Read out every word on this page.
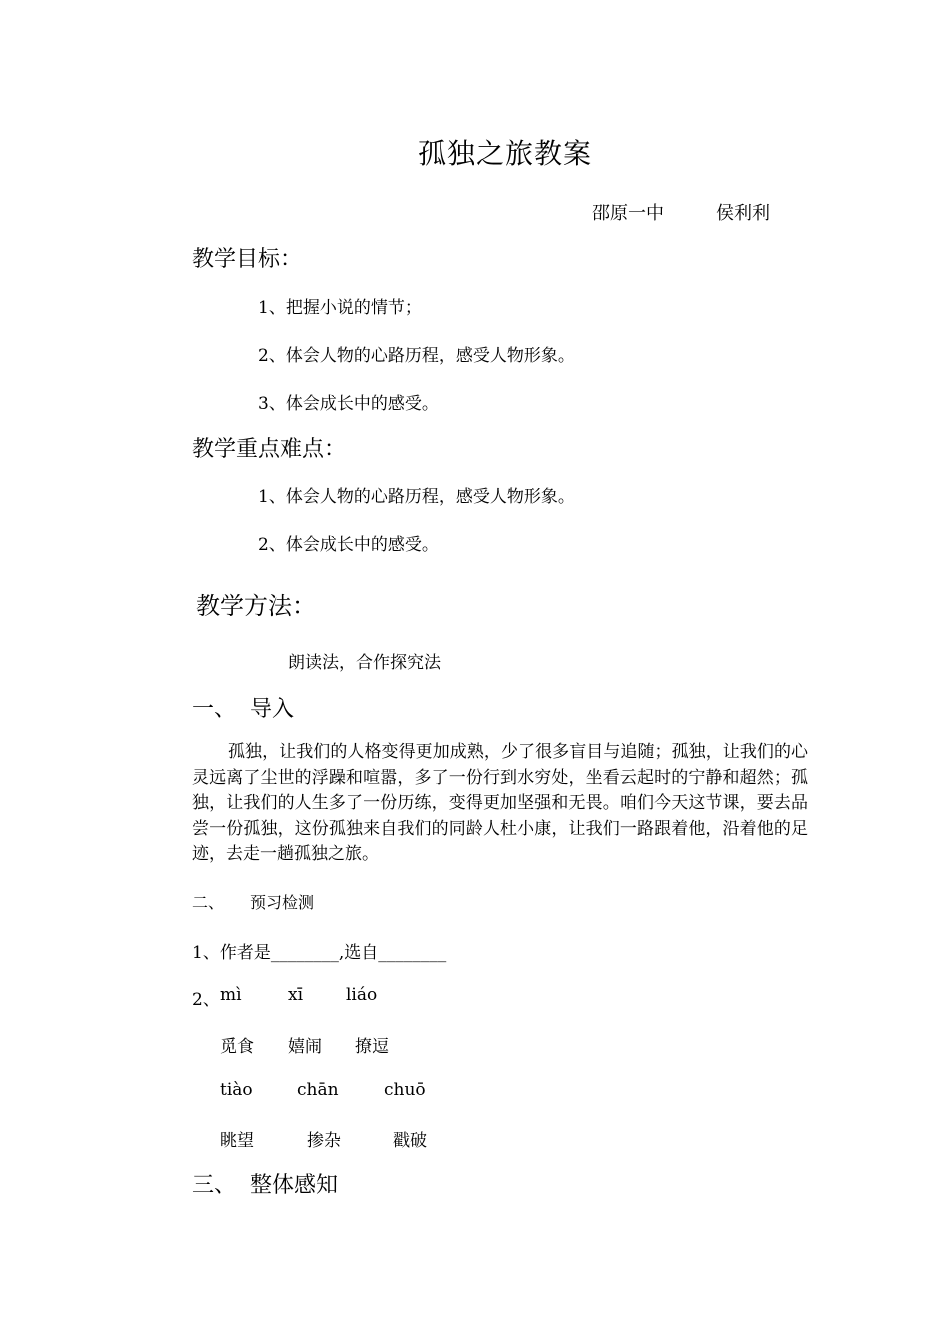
孤独之旅教案
邵原一中	侯利利
教学目标：
1、把握小说的情节；
2、体会人物的心路历程，感受人物形象。
3、体会成长中的感受。
教学重点难点：
1、体会人物的心路历程，感受人物形象。
2、体会成长中的感受。
教学方法：
朗读法，合作探究法
一、 导入
孤独，让我们的人格变得更加成熟，少了很多盲目与追随；孤独，让我们的心灵远离了尘世的浮躁和喧嚣，多了一份行到水穷处，坐看云起时的宁静和超然；孤独，让我们的人生多了一份历练，变得更加坚强和无畏。咱们今天这节课，要去品尝一份孤独，这份孤独来自我们的同龄人杜小康，让我们一路跟着他，沿着他的足迹，去走一趟孤独之旅。
二、 预习检测
1、作者是________,选自________
2、 mì	xī	liáo
觅食 嬉闹 撩逗
tiào	chān	chuō
眺望	掺杂	戳破
三、 整体感知
